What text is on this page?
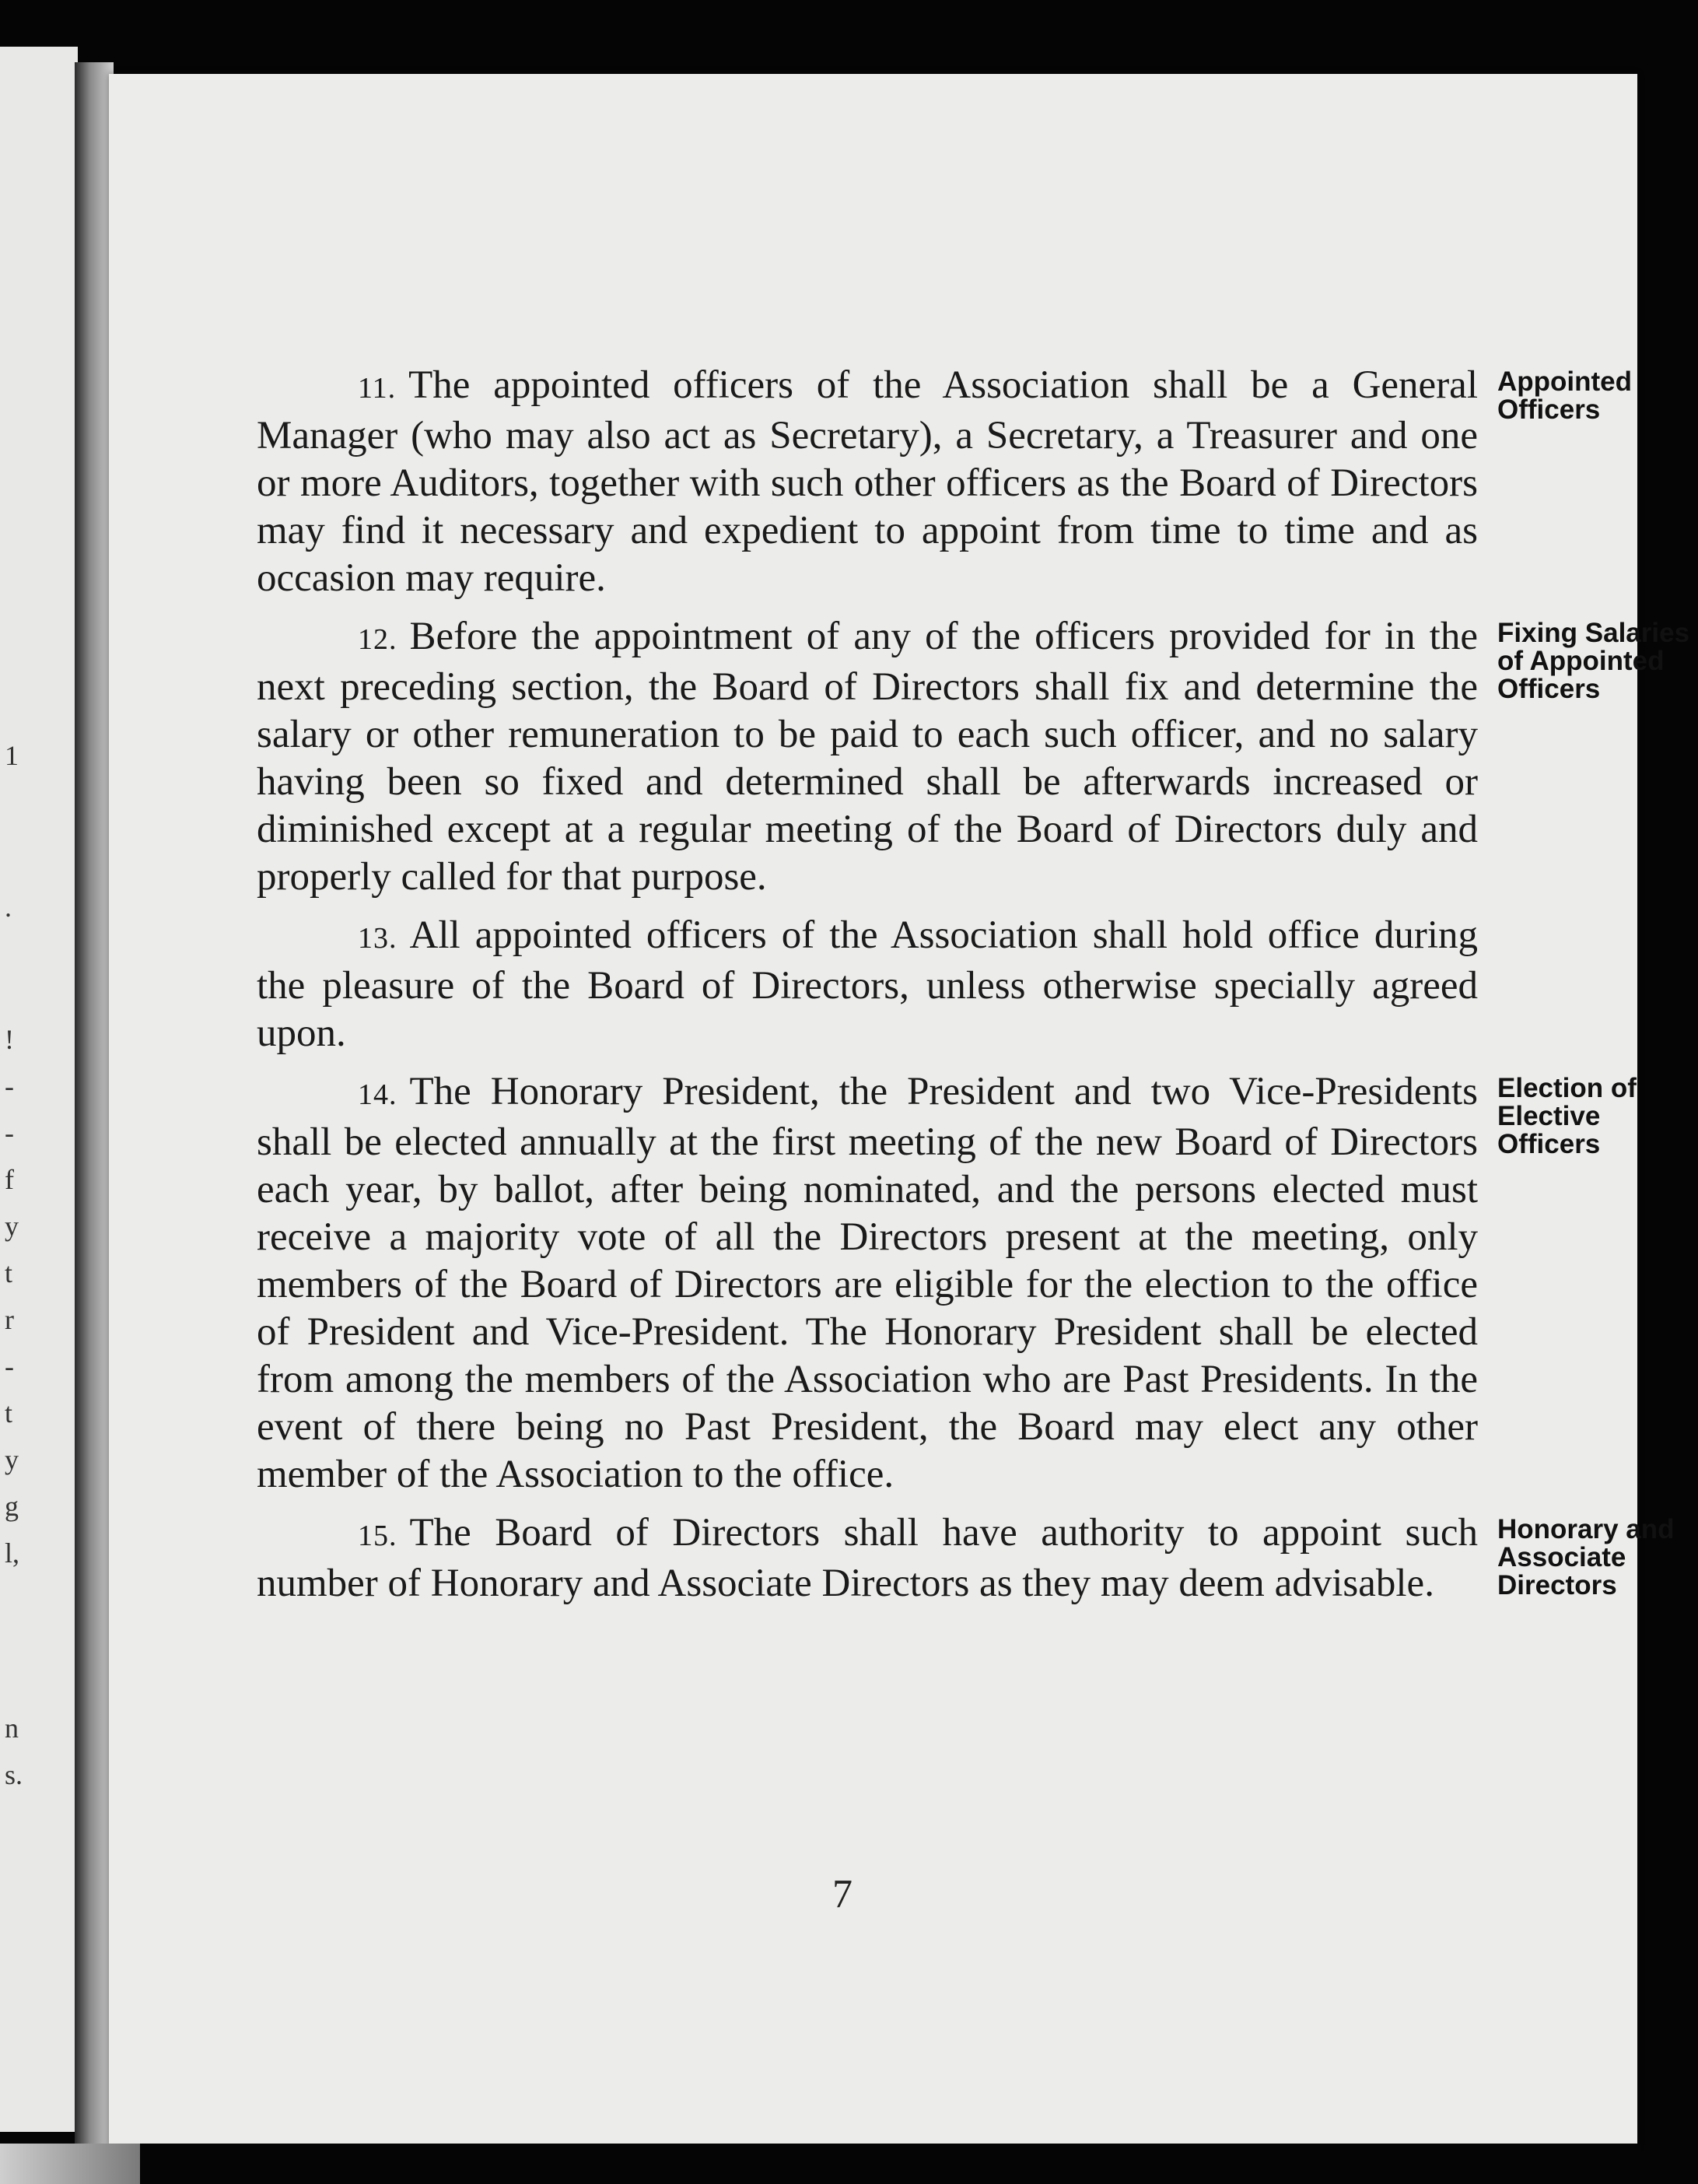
1
.
!
-
-
f
y
t
r
-
t
y
g
l,
n
s.
11. The appointed officers of the Association shall be a General Manager (who may also act as Secretary), a Secretary, a Treasurer and one or more Auditors, together with such other officers as the Board of Directors may find it necessary and expedient to appoint from time to time and as occasion may require.
Appointed Officers
12. Before the appointment of any of the officers provided for in the next preceding section, the Board of Directors shall fix and determine the salary or other remuneration to be paid to each such officer, and no salary having been so fixed and determined shall be afterwards increased or diminished except at a regular meeting of the Board of Directors duly and properly called for that purpose.
Fixing Salaries of Appointed Officers
13. All appointed officers of the Association shall hold office during the pleasure of the Board of Directors, unless otherwise specially agreed upon.
14. The Honorary President, the President and two Vice-Presidents shall be elected annually at the first meeting of the new Board of Directors each year, by ballot, after being nominated, and the persons elected must receive a majority vote of all the Directors present at the meeting, only members of the Board of Directors are eligible for the election to the office of President and Vice-President. The Honorary President shall be elected from among the members of the Association who are Past Presidents. In the event of there being no Past President, the Board may elect any other member of the Association to the office.
Election of Elective Officers
15. The Board of Directors shall have authority to appoint such number of Honorary and Associate Directors as they may deem advisable.
Honorary and Associate Directors
7
